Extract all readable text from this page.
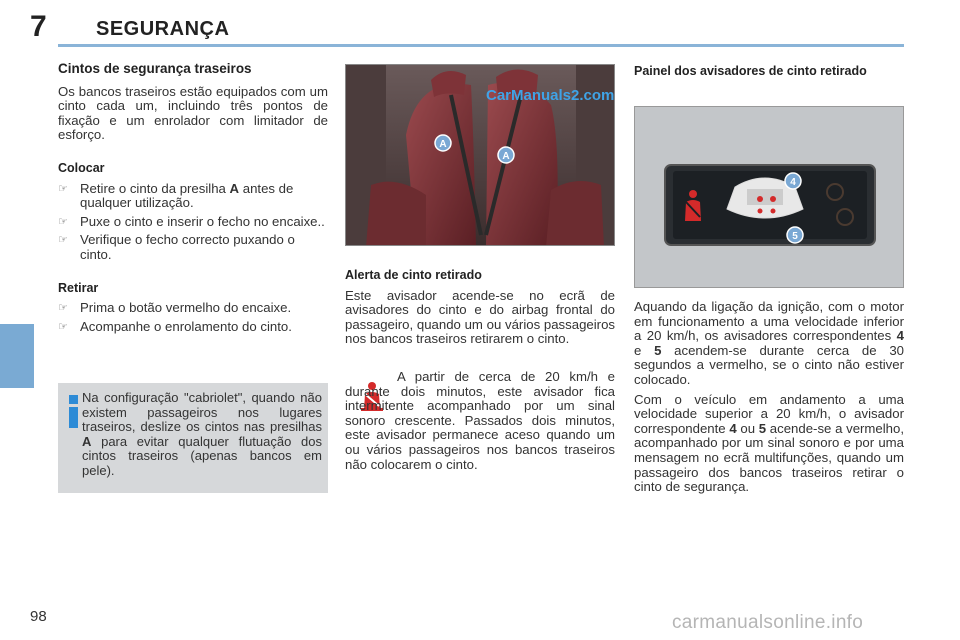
7 SEGURANÇA
Cintos de segurança traseiros

Os bancos traseiros estão equipados com um cinto cada um, incluindo três pontos de fixação e um enrolador com limitador de esforço.

Colocar
☞ Retire o cinto da presilha A antes de qualquer utilização.
☞ Puxe o cinto e inserir o fecho no encaixe..
☞ Verifique o fecho correcto puxando o cinto.
Retirar
☞ Prima o botão vermelho do encaixe.
☞ Acompanhe o enrolamento do cinto.
Na configuração "cabriolet", quando não existem passageiros nos lugares traseiros, deslize os cintos nas presilhas A para evitar qualquer flutuação dos cintos traseiros (apenas bancos em pele).
A
A
CarManuals2.com
Alerta de cinto retirado

Este avisador acende-se no ecrã de avisadores do cinto e do airbag frontal do passageiro, quando um ou vários passageiros nos bancos traseiros retirarem o cinto.

A partir de cerca de 20 km/h e durante dois minutos, este avisador fica intermitente acompanhado por um sinal sonoro crescente. Passados dois minutos, este avisador permanece aceso quando um ou vários passageiros nos bancos traseiros não colocarem o cinto.

Painel dos avisadores de cinto retirado
4
5

Aquando da ligação da ignição, com o motor em funcionamento a uma velocidade inferior a 20 km/h, os avisadores correspondentes 4 e 5 acendem-se durante cerca de 30 segundos a vermelho, se o cinto não estiver colocado.

Com o veículo em andamento a uma velocidade superior a 20 km/h, o avisador correspondente 4 ou 5 acende-se a vermelho, acompanhado por um sinal sonoro e por uma mensagem no ecrã multifunções, quando um passageiro dos bancos traseiros retirar o cinto de segurança.

98	carmanualsonline.info
